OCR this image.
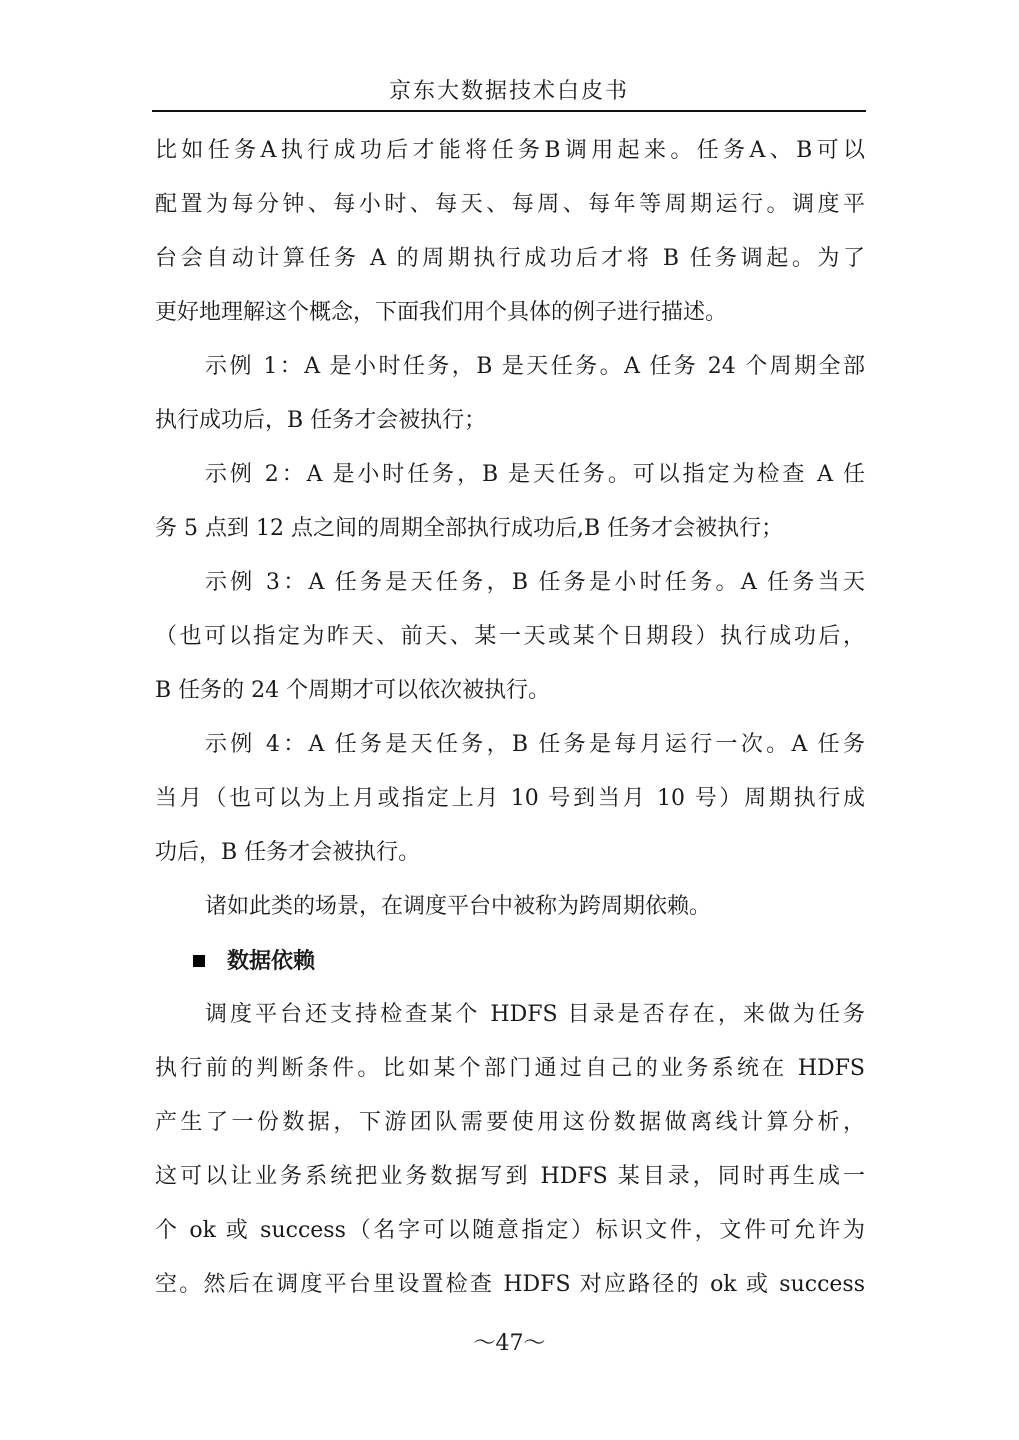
京东大数据技术白皮书
比如任务A执行成功后才能将任务B调用起来。任务A、B可以
配置为每分钟、每小时、每天、每周、每年等周期运行。调度平
台会自动计算任务 A 的周期执行成功后才将 B 任务调起。为了
更好地理解这个概念，下面我们用个具体的例子进行描述。
示例 1：A 是小时任务，B 是天任务。A 任务 24 个周期全部
执行成功后，B 任务才会被执行；
示例 2：A 是小时任务，B 是天任务。可以指定为检查 A 任
务 5 点到 12 点之间的周期全部执行成功后,B 任务才会被执行；
示例 3：A 任务是天任务，B 任务是小时任务。A 任务当天
（也可以指定为昨天、前天、某一天或某个日期段）执行成功后，
B 任务的 24 个周期才可以依次被执行。
示例 4：A 任务是天任务，B 任务是每月运行一次。A 任务
当月（也可以为上月或指定上月 10 号到当月 10 号）周期执行成
功后，B 任务才会被执行。
诸如此类的场景，在调度平台中被称为跨周期依赖。
数据依赖
调度平台还支持检查某个 HDFS 目录是否存在，来做为任务
执行前的判断条件。比如某个部门通过自己的业务系统在 HDFS
产生了一份数据，下游团队需要使用这份数据做离线计算分析，
这可以让业务系统把业务数据写到 HDFS 某目录，同时再生成一
个 ok 或 success（名字可以随意指定）标识文件，文件可允许为
空。然后在调度平台里设置检查 HDFS 对应路径的 ok 或 success
～47～
